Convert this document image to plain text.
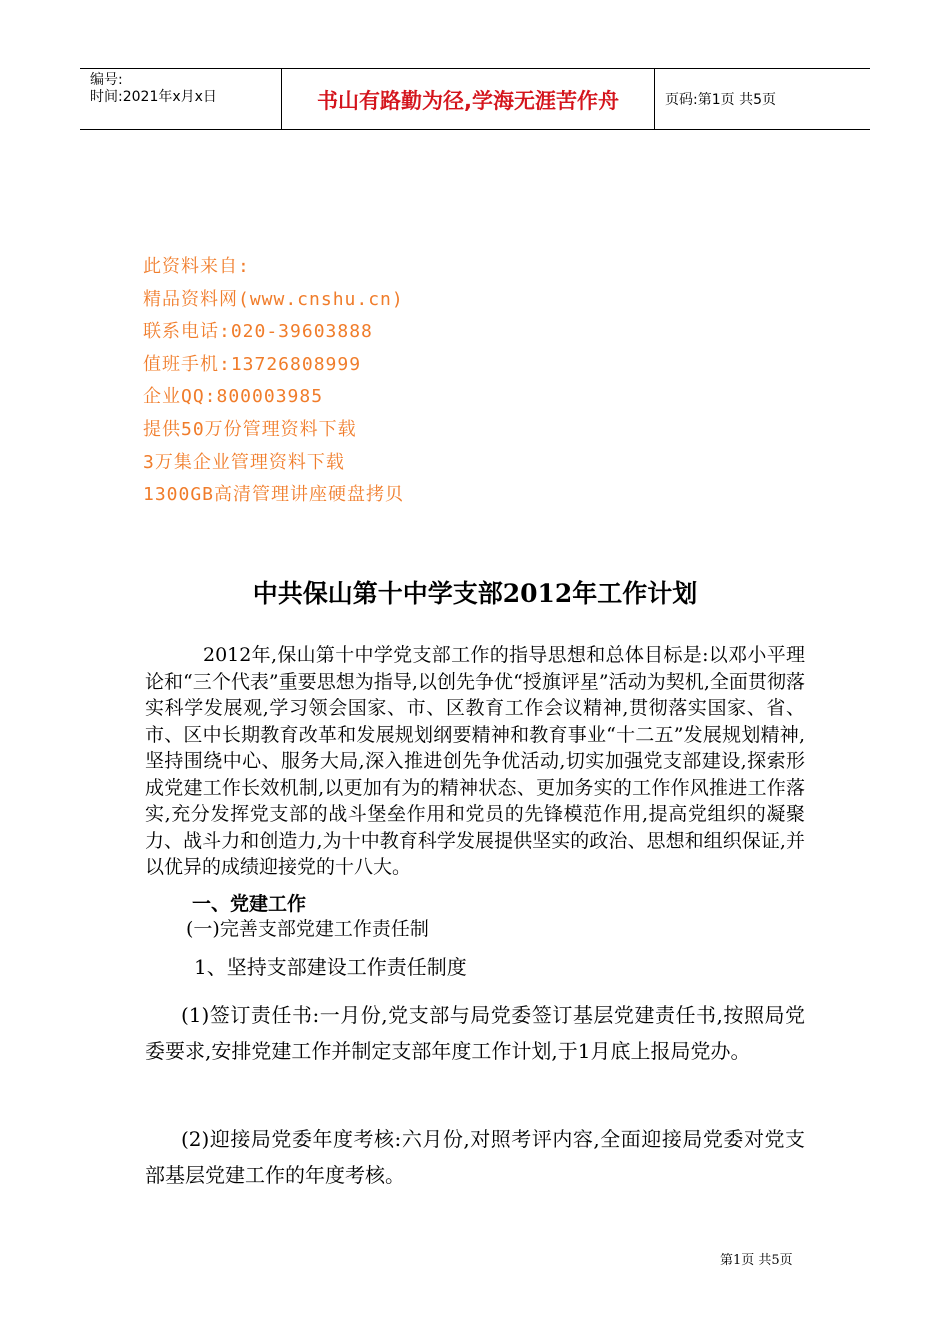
编号:
时间:2021年x月x日	书山有路勤为径,学海无涯苦作舟	页码:第1页 共5页
此资料来自:
精品资料网(www.cnshu.cn)
联系电话:020-39603888
值班手机:13726808999
企业QQ:800003985
提供50万份管理资料下载
3万集企业管理资料下载
1300GB高清管理讲座硬盘拷贝
中共保山第十中学支部2012年工作计划
2012年,保山第十中学党支部工作的指导思想和总体目标是:以邓小平理论和“三个代表”重要思想为指导,以创先争优“授旗评星”活动为契机,全面贯彻落实科学发展观,学习领会国家、市、区教育工作会议精神,贯彻落实国家、省、市、区中长期教育改革和发展规划纲要精神和教育事业“十二五”发展规划精神,坚持围绕中心、服务大局,深入推进创先争优活动,切实加强党支部建设,探索形成党建工作长效机制,以更加有为的精神状态、更加务实的工作作风推进工作落实,充分发挥党支部的战斗堡垒作用和党员的先锋模范作用,提高党组织的凝聚力、战斗力和创造力,为十中教育科学发展提供坚实的政治、思想和组织保证,并以优异的成绩迎接党的十八大。
一、党建工作
(一)完善支部党建工作责任制
1、坚持支部建设工作责任制度
(1)签订责任书:一月份,党支部与局党委签订基层党建责任书,按照局党委要求,安排党建工作并制定支部年度工作计划,于1月底上报局党办。
(2)迎接局党委年度考核:六月份,对照考评内容,全面迎接局党委对党支部基层党建工作的年度考核。
第1页 共5页
